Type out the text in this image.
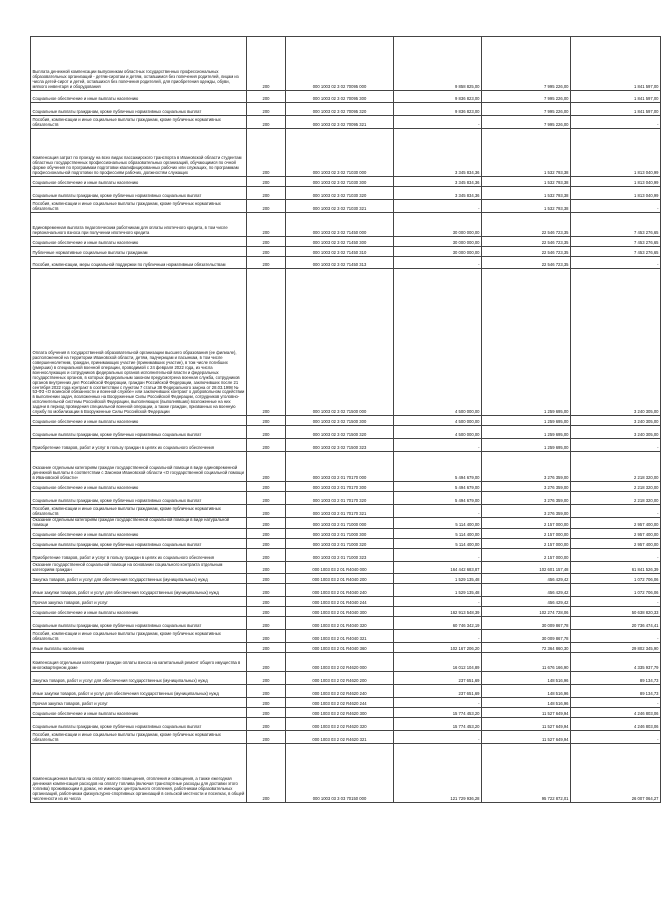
Выплата денежной компенсации выпускникам областных государственных профессиональных образовательных организаций - детям-сиротам и детям, оставшимся без попечения родителей, лицам из числа детей-сирот и детей, оставшихся без попечения родителей, для приобретения одежды, обуви, мягкого инвентаря и оборудования	200	000 1003 02 3 02 70095 000	9 858 825,00	7 995 226,00	1 841 597,00

Социальное обеспечение и иные выплаты населению	200	000 1003 02 3 02 70095 300	9 836 823,00	7 995 226,00	1 841 597,00

Социальные выплаты гражданам, кроме публичных нормативных социальных выплат	200	000 1003 02 3 02 70095 320	9 836 823,00	7 995 226,00	1 841 597,00

Пособия, компенсации и иные социальные выплаты гражданам, кроме публичных нормативных обязательств	200	000 1003 02 3 02 70095 321	-	7 995 226,00	-

Компенсация затрат по проезду на всех видах пассажирского транспорта в Ивановской области студентам областных государственных профессиональных образовательных организаций, обучающимся по очной форме обучения по программам подготовки квалифицированных рабочих или служащих, по программам профессиональной подготовки по профессиям рабочих, должностям служащих	200	000 1003 02 3 02 71030 000	3 345 834,36	1 532 793,38	1 813 040,99

Социальное обеспечение и иные выплаты населению	200	000 1003 02 3 02 71030 300	3 345 834,36	1 532 793,38	1 813 040,99

Социальные выплаты гражданам, кроме публичных нормативных социальных выплат	200	000 1003 02 3 02 71030 320	3 345 834,36	1 532 793,38	1 813 040,99

Пособия, компенсации и иные социальные выплаты гражданам, кроме публичных нормативных обязательств	200	000 1003 02 3 02 71030 321	-	1 532 793,38	-

Единовременная выплата педагогическим работникам для оплаты ипотечного кредита, в том числе первоначального взноса при получении ипотечного кредита	200	000 1003 02 3 02 71450 000	30 000 000,00	22 546 723,35	7 453 276,65

Социальное обеспечение и иные выплаты населению	200	000 1003 02 3 02 71450 300	30 000 000,00	22 546 723,35	7 453 276,65

Публичные нормативные социальные выплаты гражданам	200	000 1003 02 3 02 71450 310	30 000 000,00	22 546 723,35	7 453 276,65

Пособия, компенсации, меры социальной поддержки по публичным нормативным обязательствам	200	000 1003 02 3 02 71450 313	-	22 546 723,35	-

Оплата обучения в государственной образовательной организации высшего образования (ее филиале), расположенной на территории Ивановской области, детям, падчерицам и пасынкам, в том числе совершеннолетним, граждан, принимающих участие (принимавших участие), в том числе погибших (умерших) в специальной военной операции, проводимой с 24 февраля 2022 года, из числа военнослужащих и сотрудников федеральных органов исполнительной власти и федеральных государственных органов, в которых федеральным законом предусмотрена военная служба, сотрудников органов внутренних дел Российской Федерации, граждан Российской Федерации, заключивших после 21 сентября 2022 года контракт в соответствии с пунктом 7 статьи 38 Федерального закона от 28.03.1998 № 53-ФЗ «О воинской обязанности и военной службе» или заключивших контракт о добровольном содействии в выполнении задач, возложенных на Вооруженные Силы Российской Федерации, сотрудников уголовно-исполнительной системы Российской Федерации, выполняющих (выполнявших) возложенные на них задачи в период проведения специальной военной операции, а также граждан, призванных на военную службу по мобилизации в Вооруженные Силы Российской Федерации	200	000 1003 02 3 02 71500 000	4 500 000,00	1 259 695,00	3 240 305,00

Социальное обеспечение и иные выплаты населению	200	000 1003 02 3 02 71500 300	4 500 000,00	1 259 695,00	3 240 305,00

Социальные выплаты гражданам, кроме публичных нормативных социальных выплат	200	000 1003 02 3 02 71500 320	4 500 000,00	1 259 695,00	3 240 305,00

Приобретение товаров, работ и услуг в пользу граждан в целях их социального обеспечения	200	000 1003 02 3 02 71500 323	-	1 259 695,00	-

Оказание отдельным категориям граждан государственной социальной помощи в виде единовременной денежной выплаты в соответствии с Законом Ивановской области «О государственной социальной помощи в Ивановской области»	200	000 1003 03 2 01 70170 000	5 494 679,00	3 276 359,00	2 218 320,00

Социальное обеспечение и иные выплаты населению	200	000 1003 03 2 01 70170 300	5 494 679,00	3 276 359,00	2 218 320,00

Социальные выплаты гражданам, кроме публичных нормативных социальных выплат	200	000 1003 03 2 01 70170 320	5 494 679,00	3 276 359,00	2 218 320,00

Пособия, компенсации и иные социальные выплаты гражданам, кроме публичных нормативных обязательств	200	000 1003 03 2 01 70170 321	-	3 276 359,00	-

Оказание отдельным категориям граждан государственной социальной помощи в виде натуральной помощи	200	000 1003 03 2 01 71000 000	5 114 400,00	2 157 000,00	2 957 400,00

Социальное обеспечение и иные выплаты населению	200	000 1003 03 2 01 71000 300	5 114 400,00	2 157 000,00	2 957 400,00

Социальные выплаты гражданам, кроме публичных нормативных социальных выплат	200	000 1003 03 2 01 71000 320	5 114 400,00	2 157 000,00	2 957 400,00

Приобретение товаров, работ и услуг в пользу граждан в целях их социального обеспечения	200	000 1003 03 2 01 71000 323	-	2 157 000,00	-

Оказание государственной социальной помощи на основании социального контракта отдельным категориям граждан	200	000 1003 03 2 01 R4040 000	164 442 683,87	102 601 157,48	61 841 526,39

Закупка товаров, работ и услуг для обеспечения государственных (муниципальных) нужд	200	000 1003 03 2 01 R4040 200	1 529 135,48	456 429,42	1 072 706,06

Иные закупки товаров, работ и услуг для обеспечения государственных (муниципальных) нужд	200	000 1003 03 2 01 R4040 240	1 529 135,48	456 429,42	1 072 706,06

Прочая закупка товаров, работ и услуг	200	000 1003 03 2 01 R4040 244	-	456 429,42	-

Социальное обеспечение и иные выплаты населению	200	000 1003 03 2 01 R4040 300	162 913 548,39	102 274 728,06	50 638 820,33

Социальные выплаты гражданам, кроме публичных нормативных социальных выплат	200	000 1003 03 2 01 R4040 320	60 746 342,19	30 009 867,78	20 736 474,41

Пособия, компенсации и иные социальные выплаты гражданам, кроме публичных нормативных обязательств	200	000 1003 03 2 01 R4040 321	-	30 009 867,78	-

Иные выплаты населению	200	000 1003 03 2 01 R4040 360	102 167 206,20	72 364 860,30	29 802 345,90

Компенсация отдельным категориям граждан оплаты взноса на капитальный ремонт общего имущества в многоквартирном доме	200	000 1003 03 2 02 R4620 000	16 012 104,89	11 676 166,90	4 335 937,79

Закупка товаров, работ и услуг для обеспечения государственных (муниципальных) нужд	200	000 1003 03 2 02 R4620 200	237 651,69	148 516,96	89 134,73

Иные закупки товаров, работ и услуг для обеспечения государственных (муниципальных) нужд	200	000 1003 03 2 02 R4620 240	237 651,69	148 516,96	89 134,73

Прочая закупка товаров, работ и услуг	200	000 1003 03 2 02 R4620 244	-	148 516,96	-

Социальное обеспечение и иные выплаты населению	200	000 1003 03 2 02 R4620 300	15 774 453,20	11 527 649,94	4 246 803,06

Социальные выплаты гражданам, кроме публичных нормативных социальных выплат	200	000 1003 03 2 02 R4620 320	15 774 453,20	11 527 649,94	4 246 803,06

Пособия, компенсации и иные социальные выплаты гражданам, кроме публичных нормативных обязательств	200	000 1003 03 2 02 R4620 321	-	11 527 649,94	-

Компенсационная выплата на оплату жилого помещения, отопления и освещения, а также ежегодная денежная компенсация расходов на оплату топлива (включая транспортные расходы для доставки этого топлива) проживающим в домах, не имеющих центрального отопления, работникам образовательных организаций, работникам физкультурно-спортивных организаций в сельской местности и поселках, в общей численности из их числа	200	000 1003 03 3 03 70150 000	121 729 936,28	95 722 872,01	26 007 064,27
